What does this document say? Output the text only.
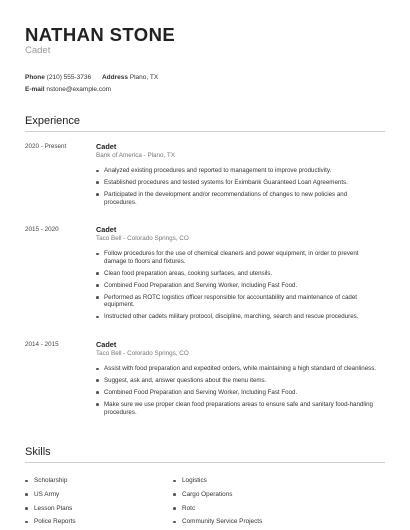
NATHAN STONE
Cadet
Phone (210) 555-3736 Address Plano, TX
E-mail nstone@example.com
Experience
2020 - Present	Cadet
Bank of America - Plano, TX
Analyzed existing procedures and reported to management to improve productivity.
Established procedures and tested systems for Eximbank Guaranteed Loan Agreements.
Participated in the development and/or recommendations of changes to new policies and procedures.
2015 - 2020	Cadet
Taco Bell - Colorado Springs, CO
Follow procedures for the use of chemical cleaners and power equipment, in order to prevent damage to floors and fixtures.
Clean food preparation areas, cooking surfaces, and utensils.
Combined Food Preparation and Serving Worker, Including Fast Food.
Performed as ROTC logistics officer responsible for accountability and maintenance of cadet equipment.
Instructed other cadets military protocol, discipline, marching, search and rescue procedures.
2014 - 2015	Cadet
Taco Bell - Colorado Springs, CO
Assist with food preparation and expedited orders, while maintaining a high standard of cleanliness.
Suggest, ask and, answer questions about the menu items.
Combined Food Preparation and Serving Worker, Including Fast Food.
Make sure we use proper clean food preparations areas to ensure safe and sanitary food-handling procedures.
Skills
Scholarship
US Army
Lesson Plans
Police Reports
Logistics
Cargo Operations
Rotc
Community Service Projects
